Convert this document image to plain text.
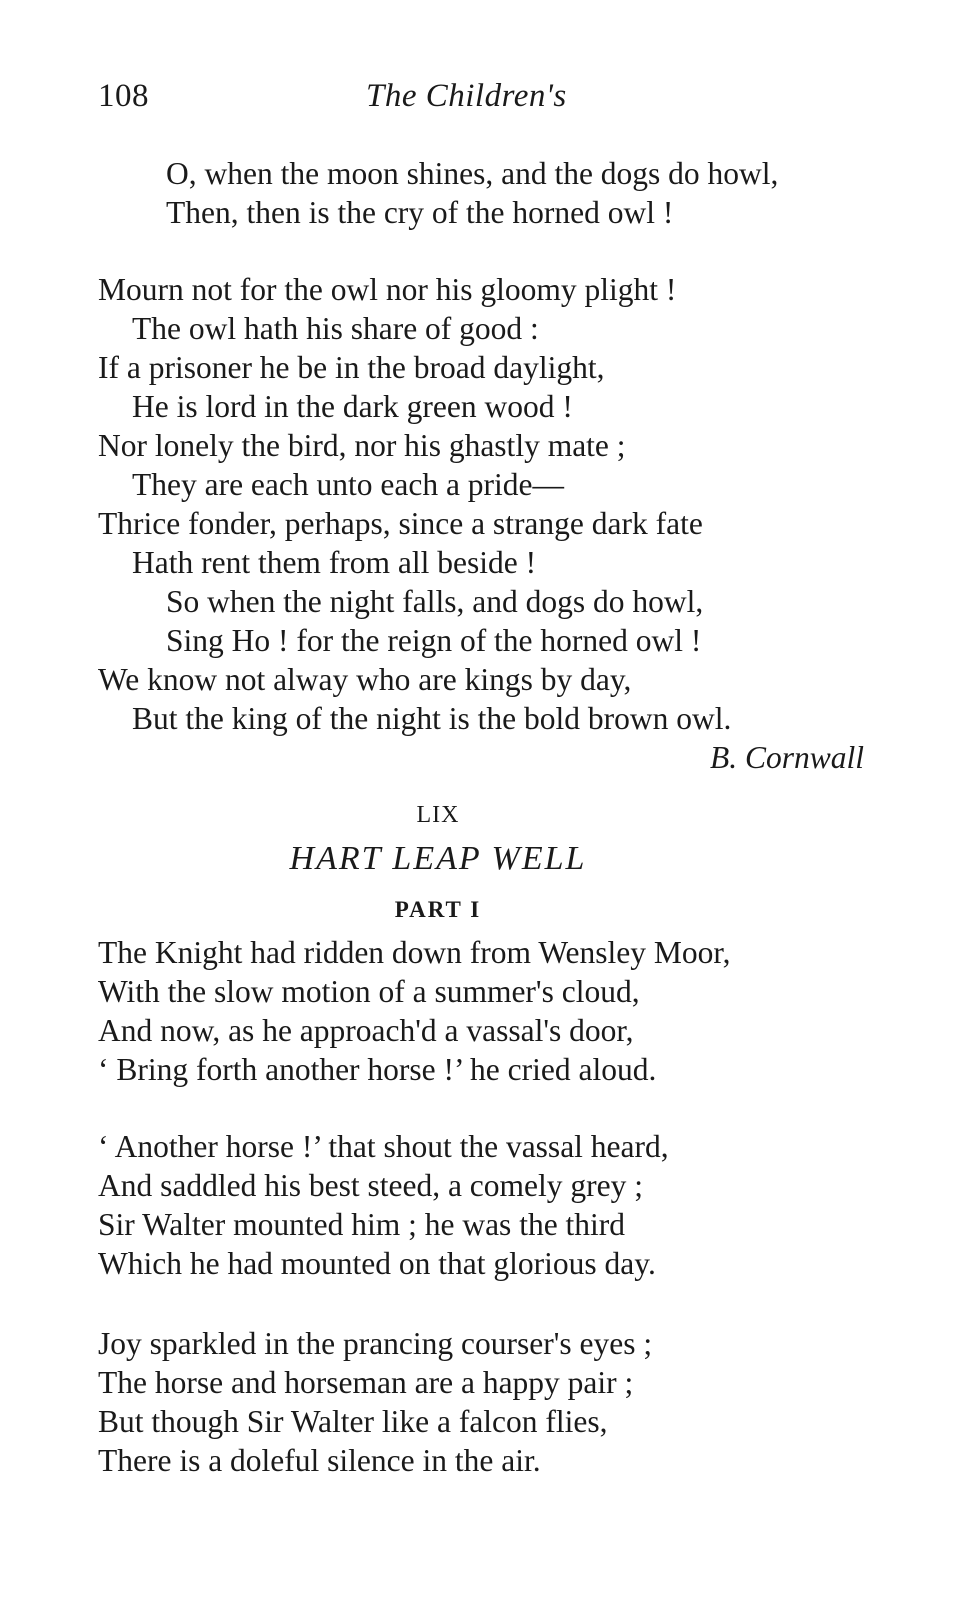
108	The Children's
O, when the moon shines, and the dogs do howl,
Then, then is the cry of the horned owl !
Mourn not for the owl nor his gloomy plight !
The owl hath his share of good :
If a prisoner he be in the broad daylight,
He is lord in the dark green wood !
Nor lonely the bird, nor his ghastly mate ;
They are each unto each a pride—
Thrice fonder, perhaps, since a strange dark fate
Hath rent them from all beside !
So when the night falls, and dogs do howl,
Sing Ho ! for the reign of the horned owl !
We know not alway who are kings by day,
But the king of the night is the bold brown owl.
B. Cornwall
LIX
HART LEAP WELL
PART I
The Knight had ridden down from Wensley Moor,
With the slow motion of a summer's cloud,
And now, as he approach'd a vassal's door,
‘ Bring forth another horse !’ he cried aloud.
‘ Another horse !’ that shout the vassal heard,
And saddled his best steed, a comely grey ;
Sir Walter mounted him ; he was the third
Which he had mounted on that glorious day.
Joy sparkled in the prancing courser's eyes ;
The horse and horseman are a happy pair ;
But though Sir Walter like a falcon flies,
There is a doleful silence in the air.
